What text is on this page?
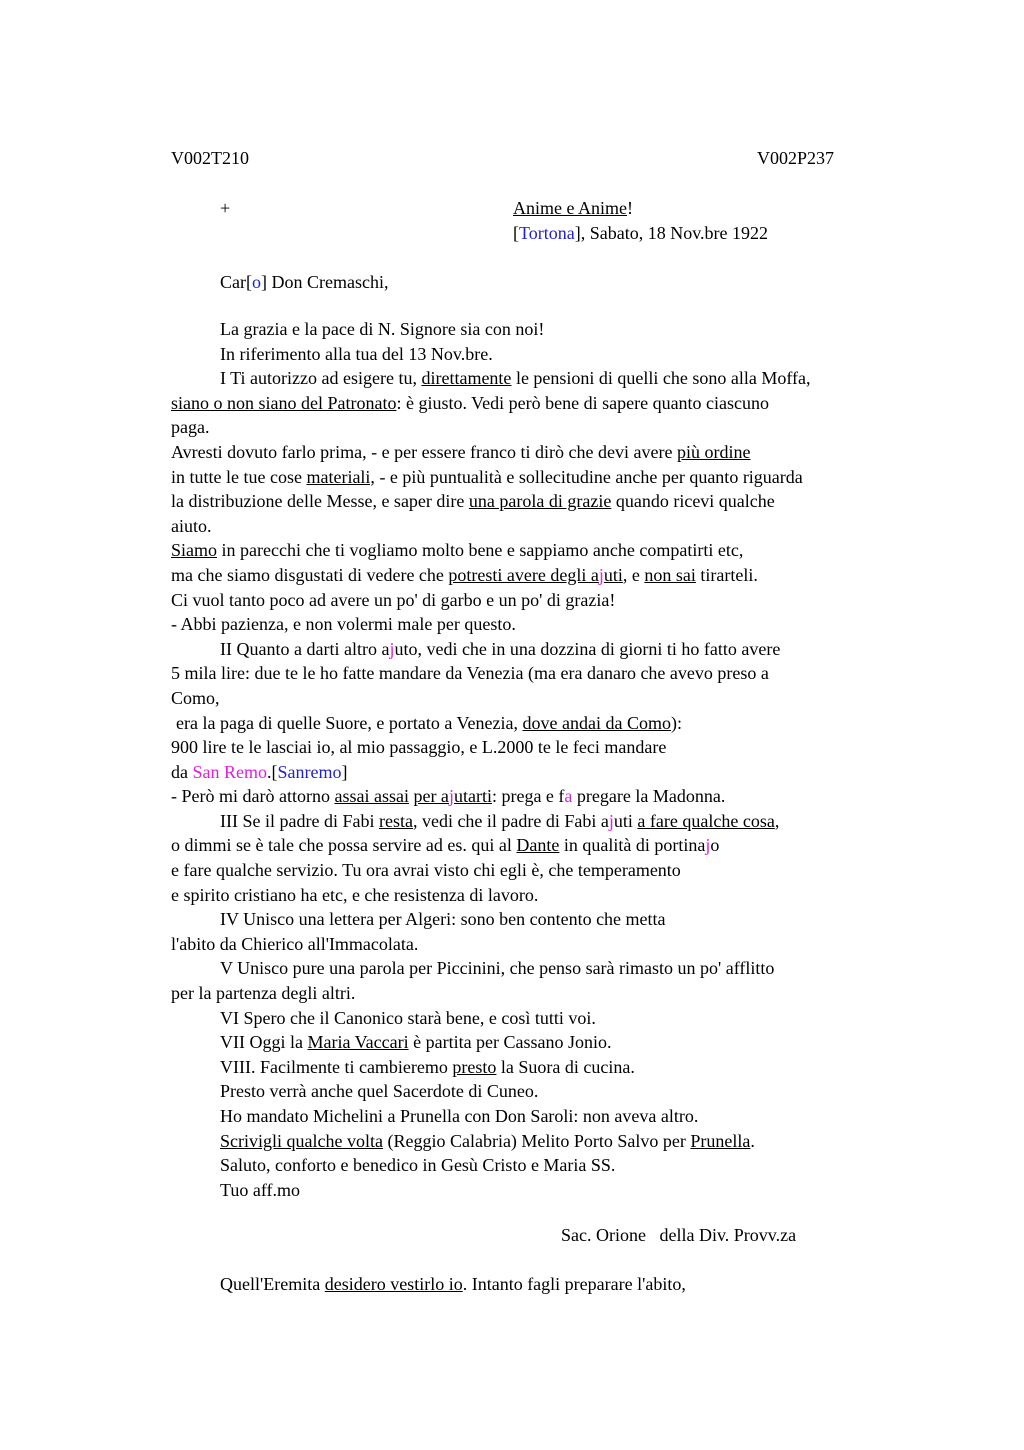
V002T210	V002P237
+	Anime e Anime!
[Tortona], Sabato, 18 Nov.bre 1922
Car[o] Don Cremaschi,
La grazia e la pace di N. Signore sia con noi!
In riferimento alla tua del 13 Nov.bre.
I Ti autorizzo ad esigere tu, direttamente le pensioni di quelli che sono alla Moffa,
siano o non siano del Patronato: è giusto. Vedi però bene di sapere quanto ciascuno
paga.
Avresti dovuto farlo prima, - e per essere franco ti dirò che devi avere più ordine
in tutte le tue cose materiali, - e più puntualità e sollecitudine anche per quanto riguarda
la distribuzione delle Messe, e saper dire una parola di grazie quando ricevi qualche
aiuto.
Siamo in parecchi che ti vogliamo molto bene e sappiamo anche compatirti etc,
ma che siamo disgustati di vedere che potresti avere degli ajuti, e non sai tirarteli.
Ci vuol tanto poco ad avere un po' di garbo e un po' di grazia!
- Abbi pazienza, e non volermi male per questo.
II Quanto a darti altro ajuto, vedi che in una dozzina di giorni ti ho fatto avere
5 mila lire: due te le ho fatte mandare da Venezia (ma era danaro che avevo preso a
Como,
era la paga di quelle Suore, e portato a Venezia, dove andai da Como):
900 lire te le lasciai io, al mio passaggio, e L.2000 te le feci mandare
da San Remo.[Sanremo]
- Però mi darò attorno assai assai per ajutarti: prega e fa pregare la Madonna.
III Se il padre di Fabi resta, vedi che il padre di Fabi ajuti a fare qualche cosa,
o dimmi se è tale che possa servire ad es. qui al Dante in qualità di portinajo
e fare qualche servizio. Tu ora avrai visto chi egli è, che temperamento
e spirito cristiano ha etc, e che resistenza di lavoro.
IV Unisco una lettera per Algeri: sono ben contento che metta
l'abito da Chierico all'Immacolata.
V Unisco pure una parola per Piccinini, che penso sarà rimasto un po' afflitto
per la partenza degli altri.
VI Spero che il Canonico starà bene, e così tutti voi.
VII Oggi la Maria Vaccari è partita per Cassano Jonio.
VIII. Facilmente ti cambieremo presto la Suora di cucina.
Presto verrà anche quel Sacerdote di Cuneo.
Ho mandato Michelini a Prunella con Don Saroli: non aveva altro.
Scrivigli qualche volta (Reggio Calabria) Melito Porto Salvo per Prunella.
Saluto, conforto e benedico in Gesù Cristo e Maria SS.
Tuo aff.mo
Sac. Orione   della Div. Provv.za
Quell'Eremita desidero vestirlo io. Intanto fagli preparare l'abito,
